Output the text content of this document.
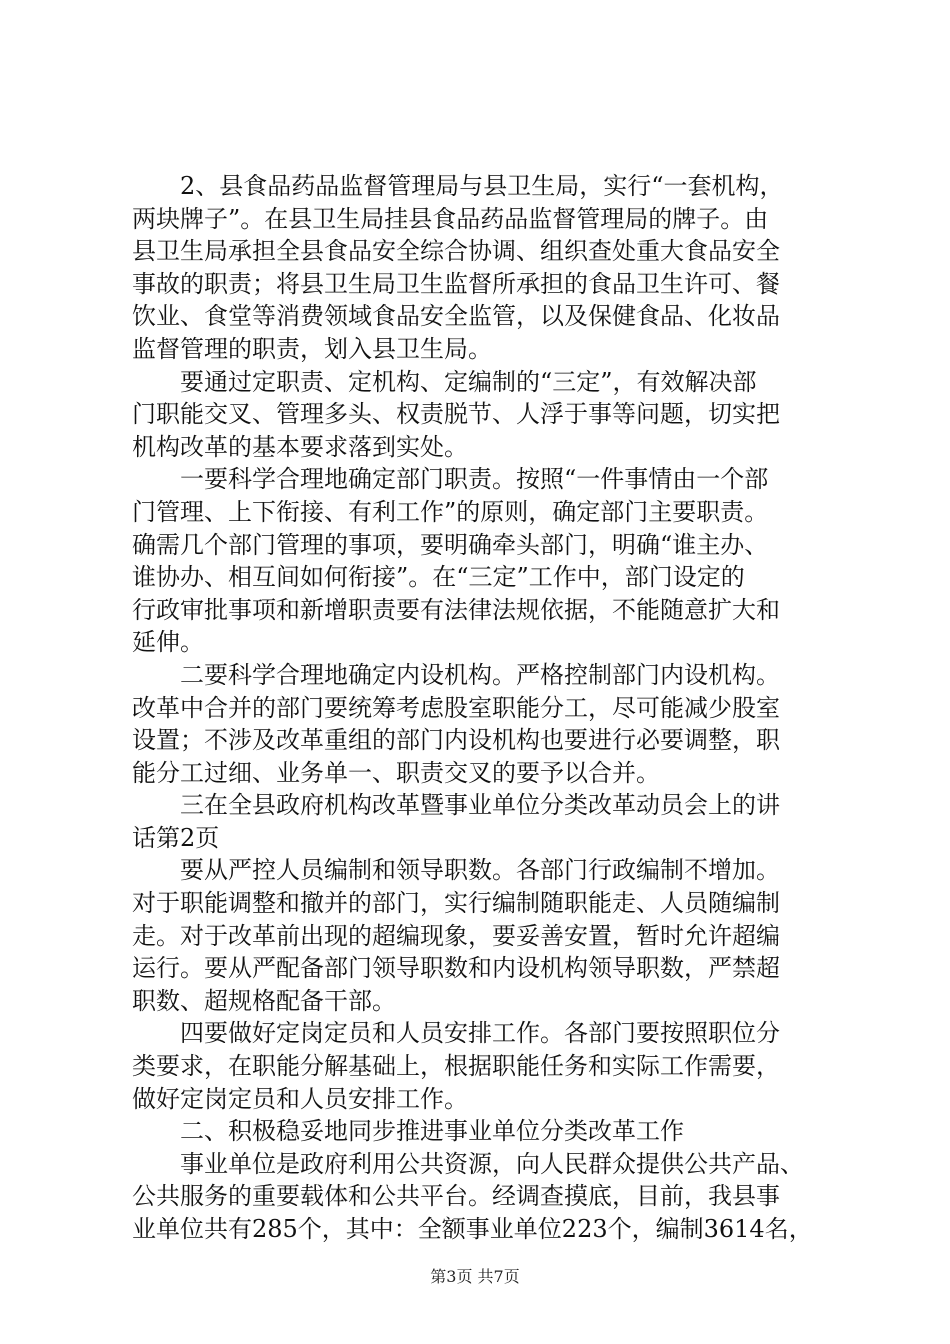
2、县食品药品监督管理局与县卫生局，实行“一套机构，
两块牌子”。在县卫生局挂县食品药品监督管理局的牌子。由
县卫生局承担全县食品安全综合协调、组织查处重大食品安全
事故的职责；将县卫生局卫生监督所承担的食品卫生许可、餐
饮业、食堂等消费领域食品安全监管，以及保健食品、化妆品
监督管理的职责，划入县卫生局。
要通过定职责、定机构、定编制的“三定”，有效解决部
门职能交叉、管理多头、权责脱节、人浮于事等问题，切实把
机构改革的基本要求落到实处。
一要科学合理地确定部门职责。按照“一件事情由一个部
门管理、上下衔接、有利工作”的原则，确定部门主要职责。
确需几个部门管理的事项，要明确牵头部门，明确“谁主办、
谁协办、相互间如何衔接”。在“三定”工作中，部门设定的
行政审批事项和新增职责要有法律法规依据，不能随意扩大和
延伸。
二要科学合理地确定内设机构。严格控制部门内设机构。
改革中合并的部门要统筹考虑股室职能分工，尽可能减少股室
设置；不涉及改革重组的部门内设机构也要进行必要调整，职
能分工过细、业务单一、职责交叉的要予以合并。
三在全县政府机构改革暨事业单位分类改革动员会上的讲
话第2页
要从严控人员编制和领导职数。各部门行政编制不增加。
对于职能调整和撤并的部门，实行编制随职能走、人员随编制
走。对于改革前出现的超编现象，要妥善安置，暂时允许超编
运行。要从严配备部门领导职数和内设机构领导职数，严禁超
职数、超规格配备干部。
四要做好定岗定员和人员安排工作。各部门要按照职位分
类要求，在职能分解基础上，根据职能任务和实际工作需要，
做好定岗定员和人员安排工作。
二、积极稳妥地同步推进事业单位分类改革工作
事业单位是政府利用公共资源，向人民群众提供公共产品、
公共服务的重要载体和公共平台。经调查摸底，目前，我县事
业单位共有285个，其中：全额事业单位223个，编制3614名，
第3页 共7页
